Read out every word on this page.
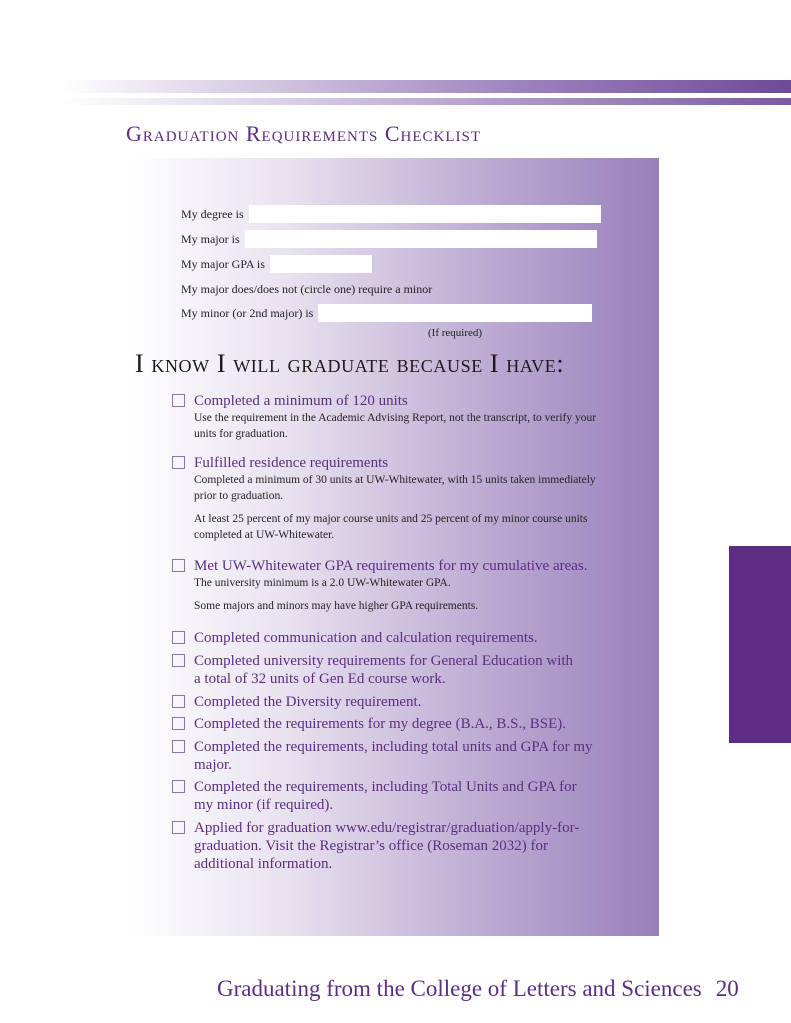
Graduation Requirements Checklist
My degree is
My major is
My major GPA is
My major does/does not (circle one) require a minor
My minor (or 2nd major) is
(If required)
I know I will graduate because I have:
Completed a minimum of 120 units
Use the requirement in the Academic Advising Report, not the transcript, to verify your units for graduation.
Fulfilled residence requirements
Completed a minimum of 30 units at UW-Whitewater, with 15 units taken immediately prior to graduation.
At least 25 percent of my major course units and 25 percent of my minor course units completed at UW-Whitewater.
Met UW-Whitewater GPA requirements for my cumulative areas.
The university minimum is a 2.0 UW-Whitewater GPA.
Some majors and minors may have higher GPA requirements.
Completed communication and calculation requirements.
Completed university requirements for General Education with a total of 32 units of Gen Ed course work.
Completed the Diversity requirement.
Completed the requirements for my degree (B.A., B.S., BSE).
Completed the requirements, including total units and GPA for my major.
Completed the requirements, including Total Units and GPA for my minor (if required).
Applied for graduation www.edu/registrar/graduation/apply-for-graduation. Visit the Registrar’s office (Roseman 2032) for additional information.
Graduating from the College of Letters and Sciences 20
